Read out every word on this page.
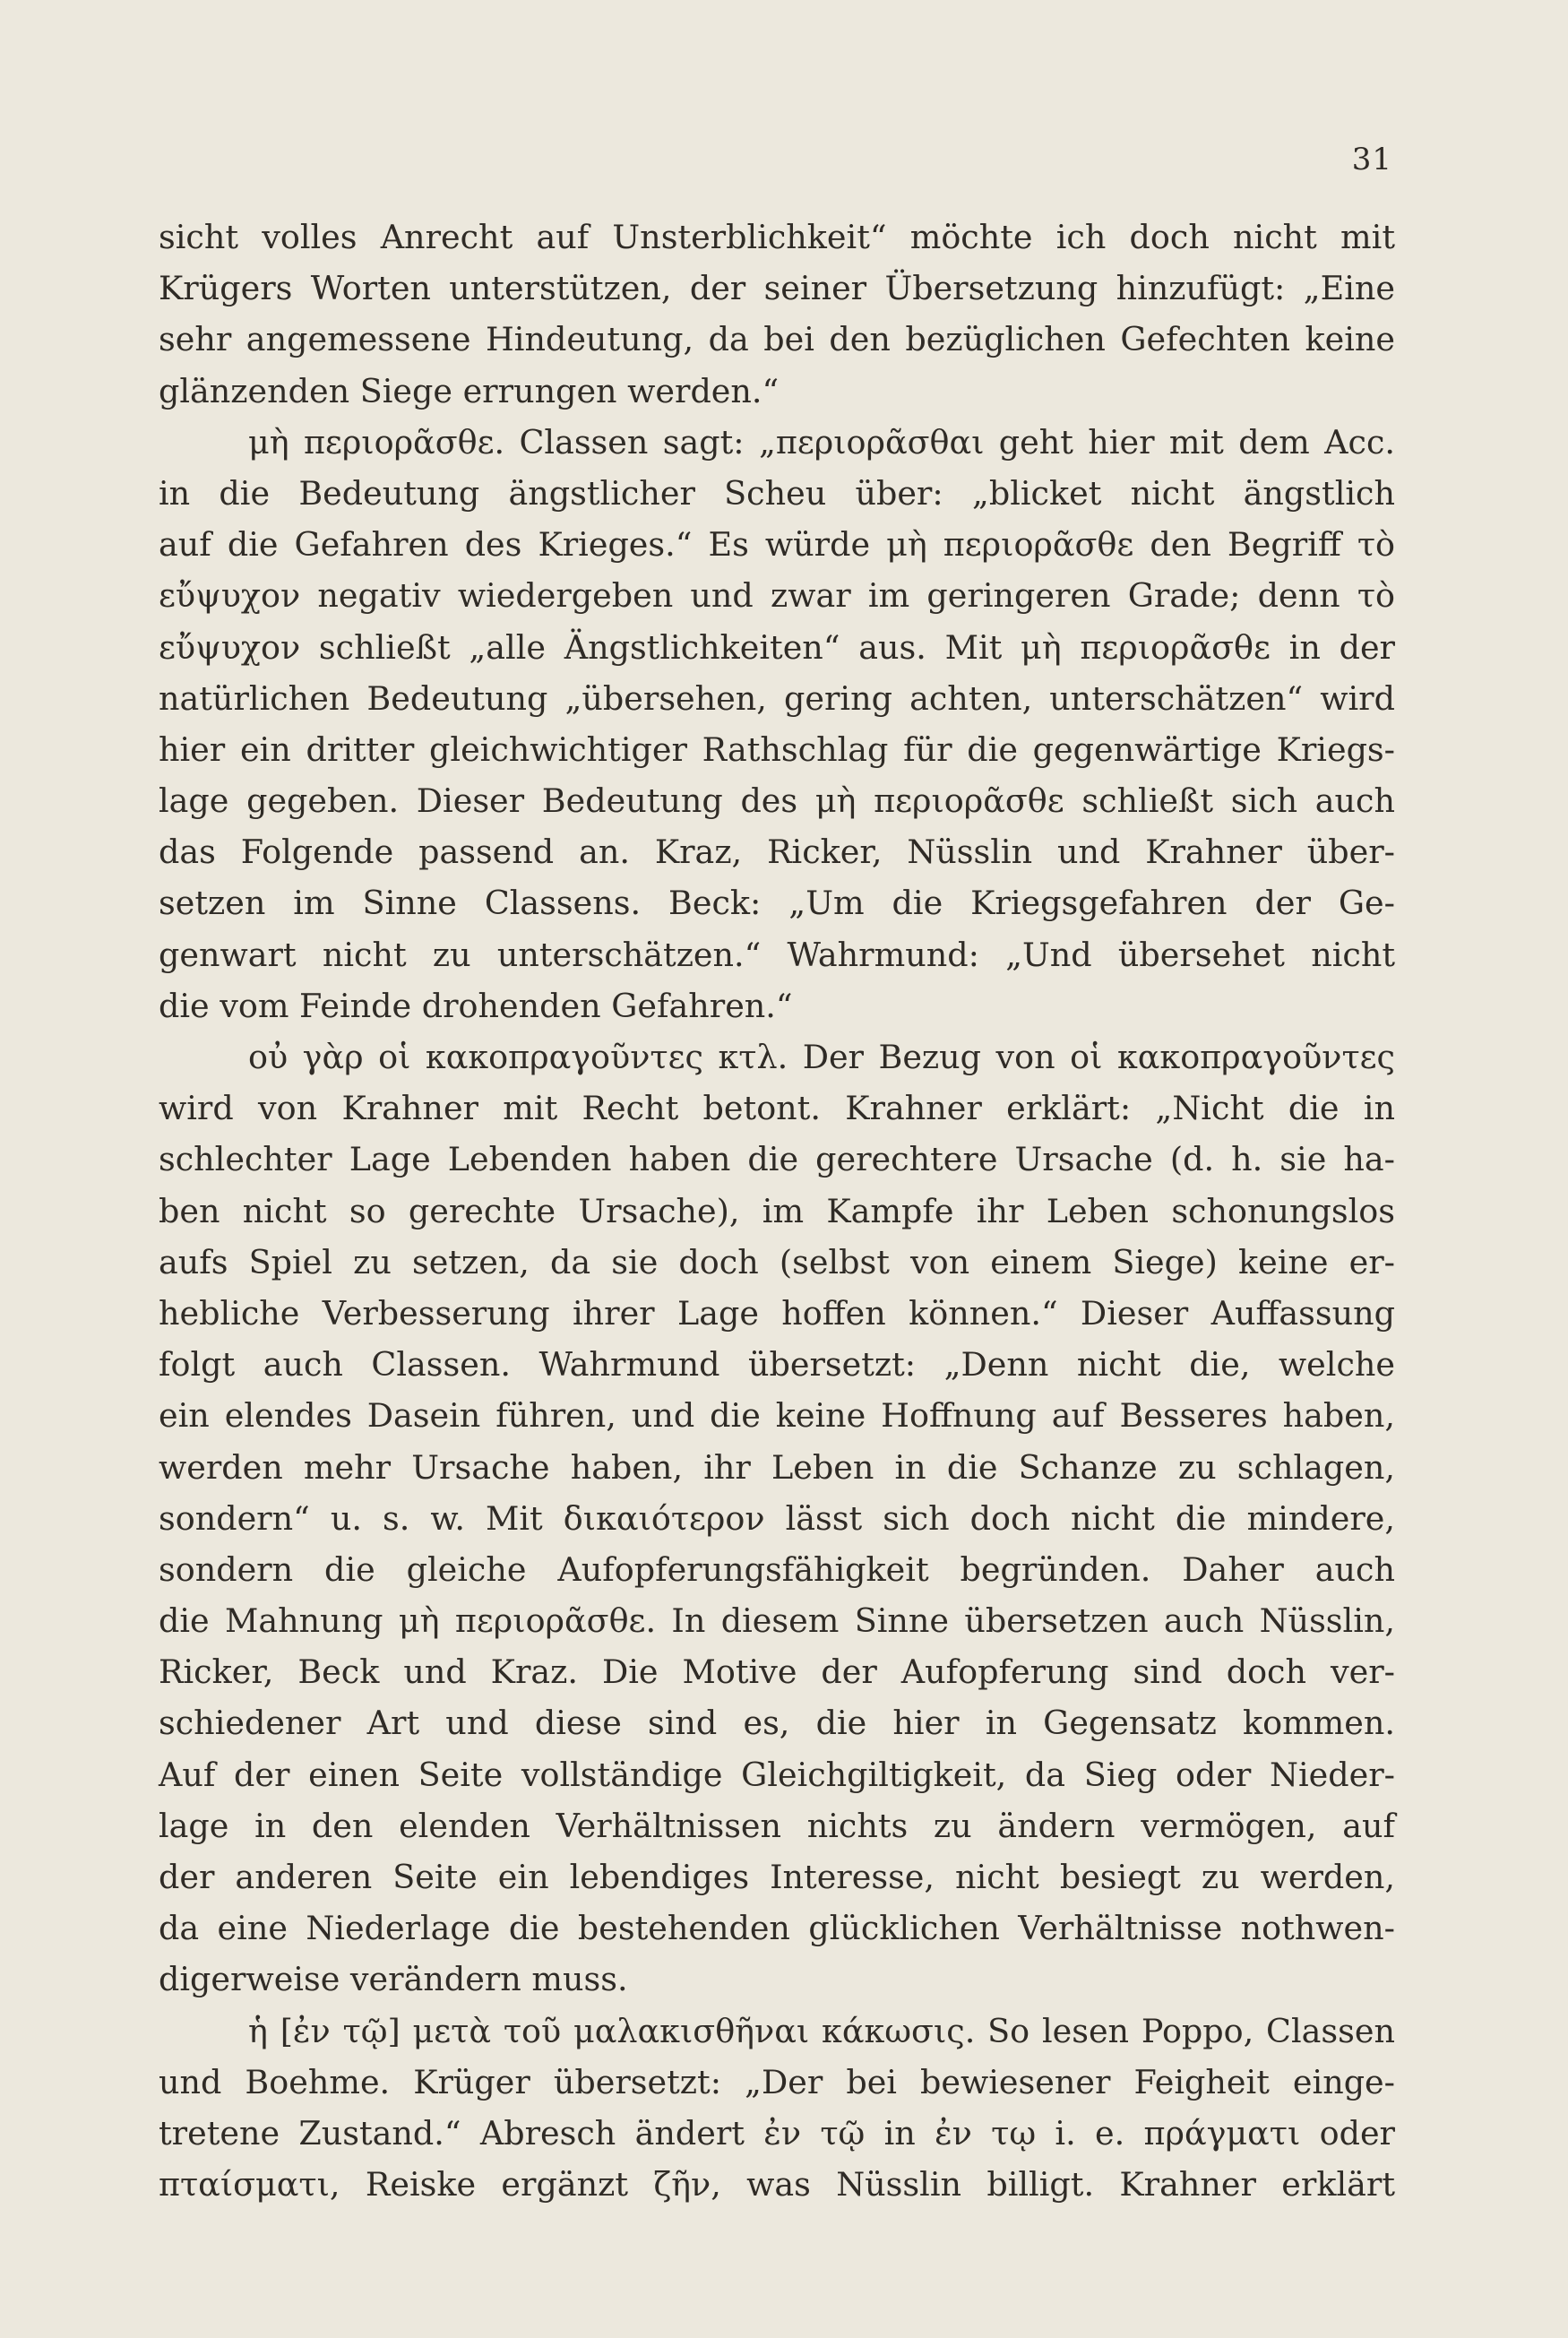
31
sicht volles Anrecht auf Unsterblichkeit“ möchte ich doch nicht mit
Krügers Worten unterstützen, der seiner Übersetzung hinzufügt: „Eine
sehr angemessene Hindeutung, da bei den bezüglichen Gefechten keine
glänzenden Siege errungen werden.“
μὴ περιορᾶσθε. Classen sagt: „περιορᾶσθαι geht hier mit dem Acc.
in die Bedeutung ängstlicher Scheu über: „blicket nicht ängstlich
auf die Gefahren des Krieges.“ Es würde μὴ περιορᾶσθε den Begriff τὸ
εὔψυχον negativ wiedergeben und zwar im geringeren Grade; denn τὸ
εὔψυχον schließt „alle Ängstlichkeiten“ aus. Mit μὴ περιορᾶσθε in der
natürlichen Bedeutung „übersehen, gering achten, unterschätzen“ wird
hier ein dritter gleichwichtiger Rathschlag für die gegenwärtige Kriegs-
lage gegeben. Dieser Bedeutung des μὴ περιορᾶσθε schließt sich auch
das Folgende passend an. Kraz, Ricker, Nüsslin und Krahner über-
setzen im Sinne Classens. Beck: „Um die Kriegsgefahren der Ge-
genwart nicht zu unterschätzen.“ Wahrmund: „Und übersehet nicht
die vom Feinde drohenden Gefahren.“
οὐ γὰρ οἱ κακοπραγοῦντες κτλ. Der Bezug von οἱ κακοπραγοῦντες
wird von Krahner mit Recht betont. Krahner erklärt: „Nicht die in
schlechter Lage Lebenden haben die gerechtere Ursache (d. h. sie ha-
ben nicht so gerechte Ursache), im Kampfe ihr Leben schonungslos
aufs Spiel zu setzen, da sie doch (selbst von einem Siege) keine er-
hebliche Verbesserung ihrer Lage hoffen können.“ Dieser Auffassung
folgt auch Classen. Wahrmund übersetzt: „Denn nicht die, welche
ein elendes Dasein führen, und die keine Hoffnung auf Besseres haben,
werden mehr Ursache haben, ihr Leben in die Schanze zu schlagen,
sondern“ u. s. w. Mit δικαιότερον lässt sich doch nicht die mindere,
sondern die gleiche Aufopferungsfähigkeit begründen. Daher auch
die Mahnung μὴ περιορᾶσθε. In diesem Sinne übersetzen auch Nüsslin,
Ricker, Beck und Kraz. Die Motive der Aufopferung sind doch ver-
schiedener Art und diese sind es, die hier in Gegensatz kommen.
Auf der einen Seite vollständige Gleichgiltigkeit, da Sieg oder Nieder-
lage in den elenden Verhältnissen nichts zu ändern vermögen, auf
der anderen Seite ein lebendiges Interesse, nicht besiegt zu werden,
da eine Niederlage die bestehenden glücklichen Verhältnisse nothwen-
digerweise verändern muss.
ἡ [ἐν τῷ] μετὰ τοῦ μαλακισθῆναι κάκωσις. So lesen Poppo, Classen
und Boehme. Krüger übersetzt: „Der bei bewiesener Feigheit einge-
tretene Zustand.“ Abresch ändert ἐν τῷ in ἐν τῳ i. e. πράγματι oder
πταίσματι, Reiske ergänzt ζῆν, was Nüsslin billigt. Krahner erklärt
